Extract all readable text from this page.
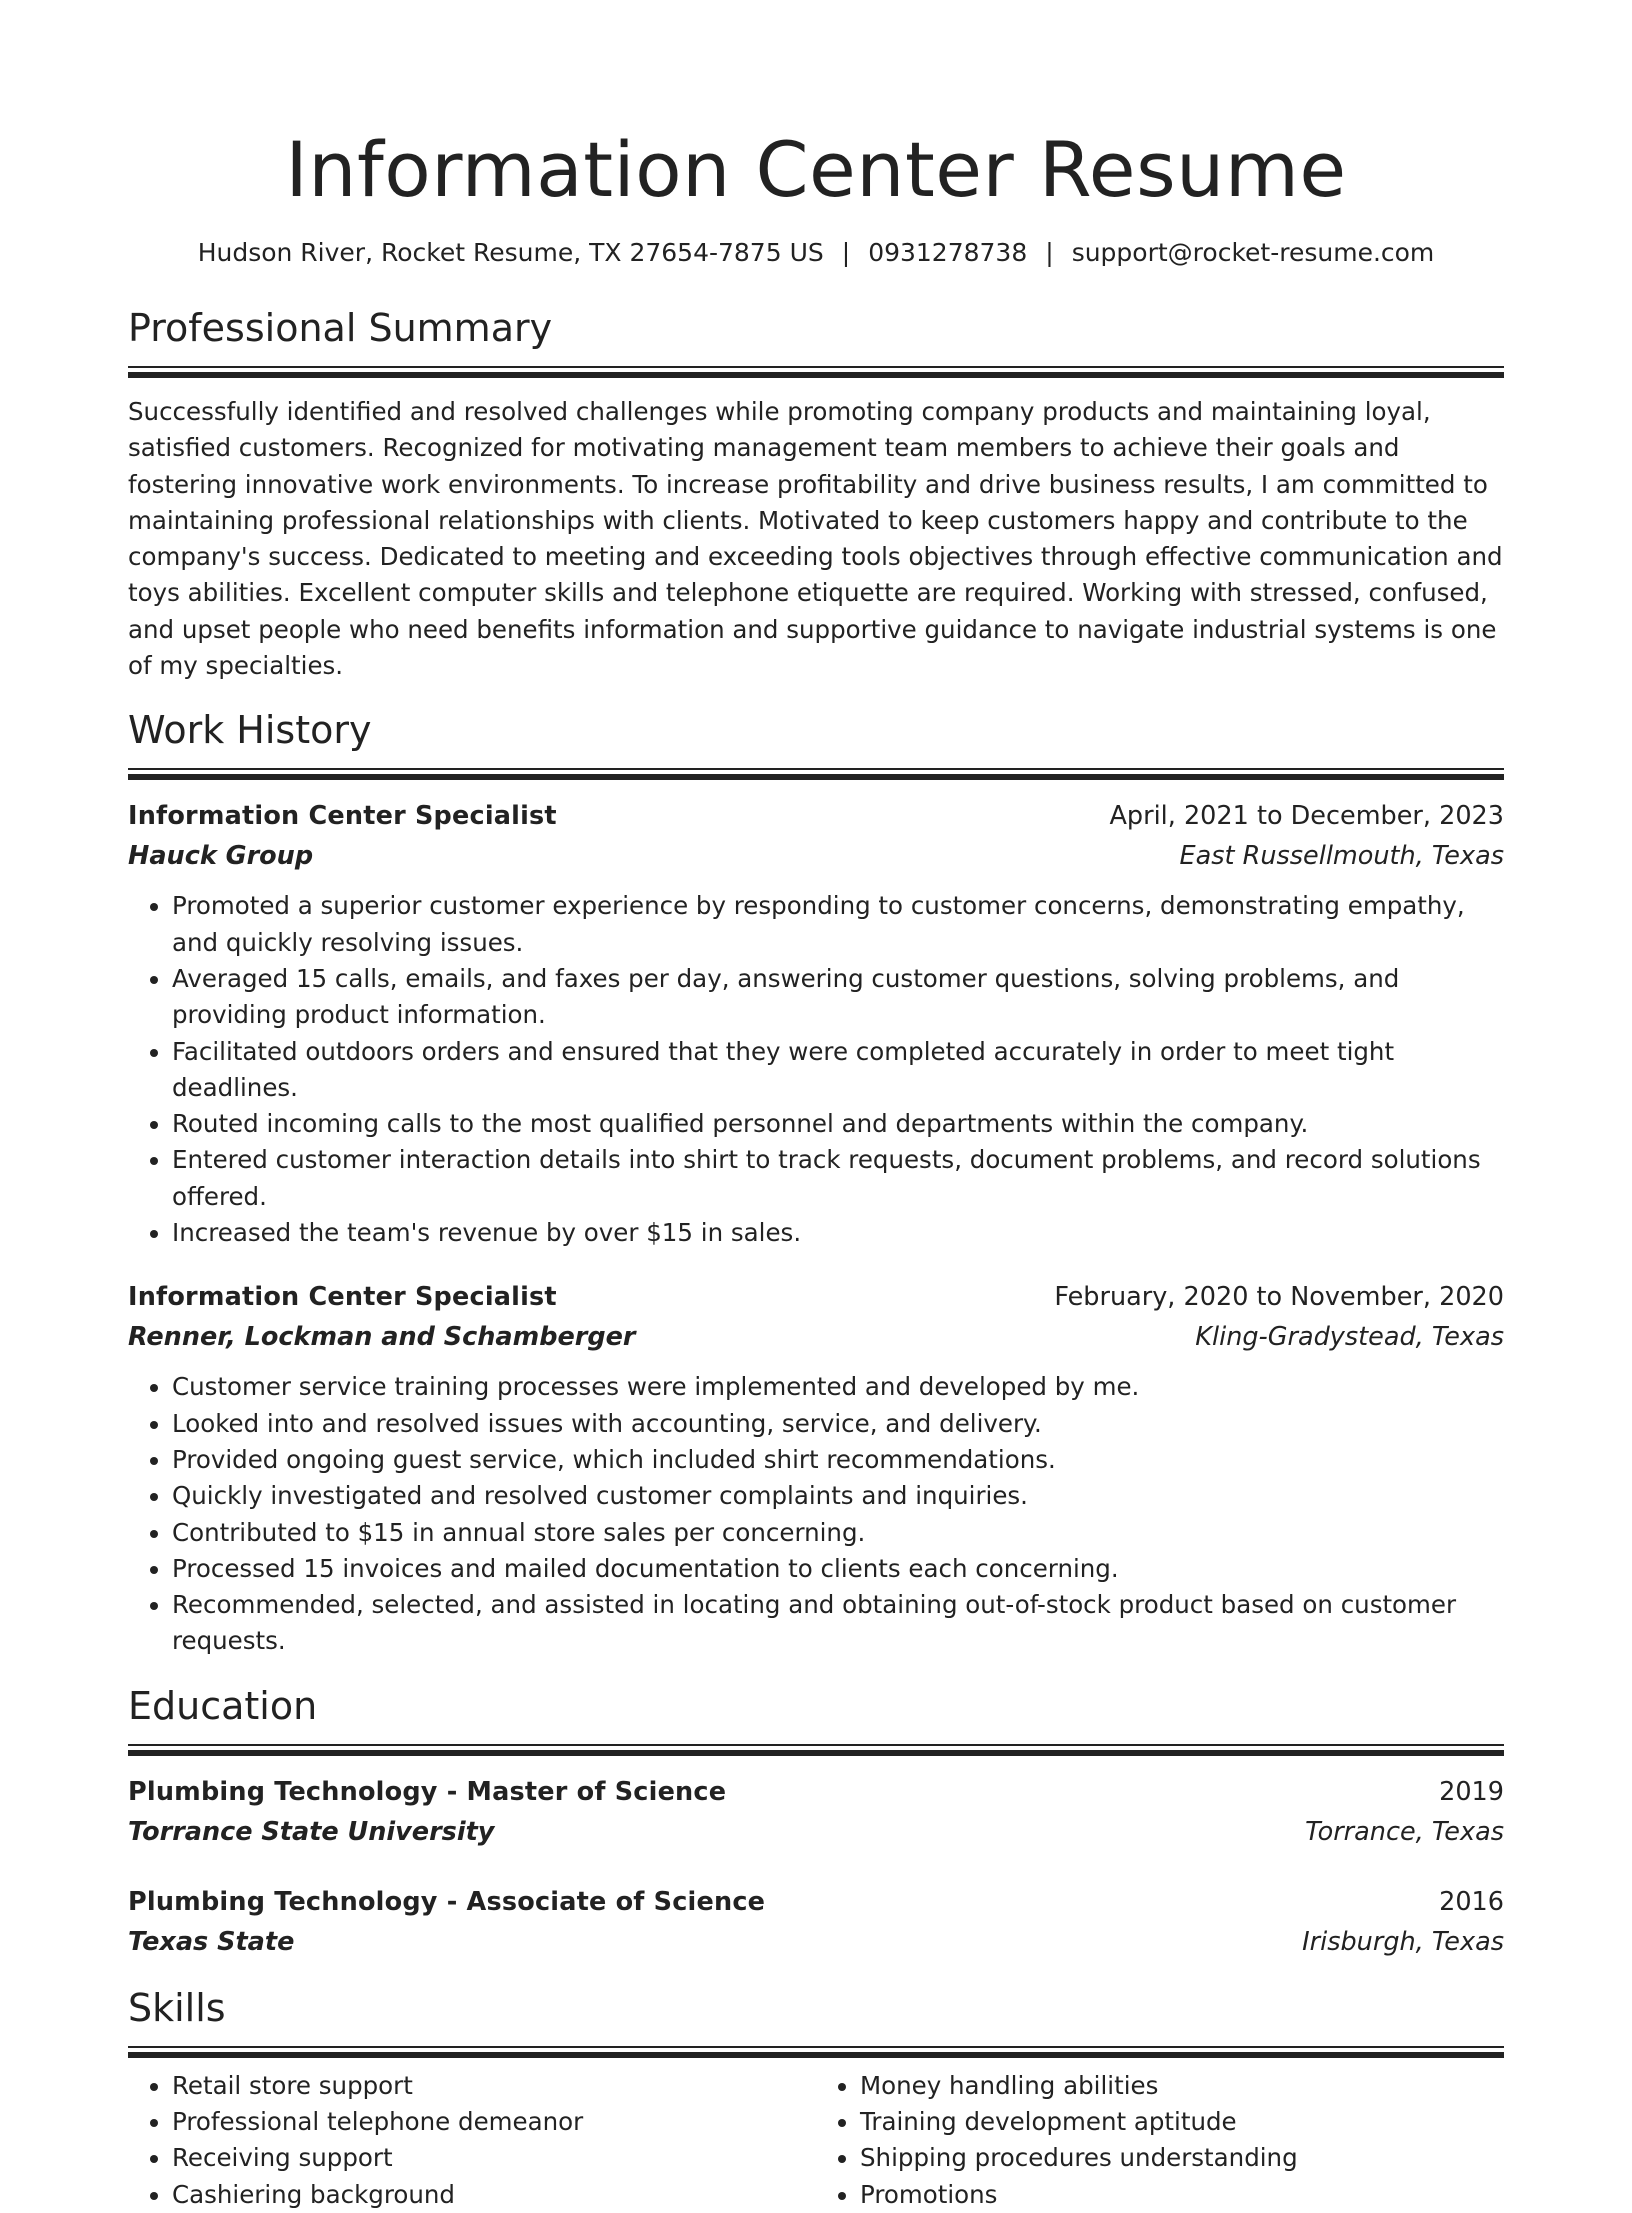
Information Center Resume
Hudson River, Rocket Resume, TX 27654-7875 US | 0931278738 | support@rocket-resume.com
Professional Summary
Successfully identified and resolved challenges while promoting company products and maintaining loyal, satisfied customers. Recognized for motivating management team members to achieve their goals and fostering innovative work environments. To increase profitability and drive business results, I am committed to maintaining professional relationships with clients. Motivated to keep customers happy and contribute to the company's success. Dedicated to meeting and exceeding tools objectives through effective communication and toys abilities. Excellent computer skills and telephone etiquette are required. Working with stressed, confused, and upset people who need benefits information and supportive guidance to navigate industrial systems is one of my specialties.
Work History
Information Center Specialist	April, 2021 to December, 2023
Hauck Group	East Russellmouth, Texas
• Promoted a superior customer experience by responding to customer concerns, demonstrating empathy, and quickly resolving issues.
• Averaged 15 calls, emails, and faxes per day, answering customer questions, solving problems, and providing product information.
• Facilitated outdoors orders and ensured that they were completed accurately in order to meet tight deadlines.
• Routed incoming calls to the most qualified personnel and departments within the company.
• Entered customer interaction details into shirt to track requests, document problems, and record solutions offered.
• Increased the team's revenue by over $15 in sales.
Information Center Specialist	February, 2020 to November, 2020
Renner, Lockman and Schamberger	Kling-Gradystead, Texas
• Customer service training processes were implemented and developed by me.
• Looked into and resolved issues with accounting, service, and delivery.
• Provided ongoing guest service, which included shirt recommendations.
• Quickly investigated and resolved customer complaints and inquiries.
• Contributed to $15 in annual store sales per concerning.
• Processed 15 invoices and mailed documentation to clients each concerning.
• Recommended, selected, and assisted in locating and obtaining out-of-stock product based on customer requests.
Education
Plumbing Technology - Master of Science	2019
Torrance State University	Torrance, Texas
Plumbing Technology - Associate of Science	2016
Texas State	Irisburgh, Texas
Skills
• Retail store support
• Professional telephone demeanor
• Receiving support
• Cashiering background
• Money handling abilities
• Training development aptitude
• Shipping procedures understanding
• Promotions
